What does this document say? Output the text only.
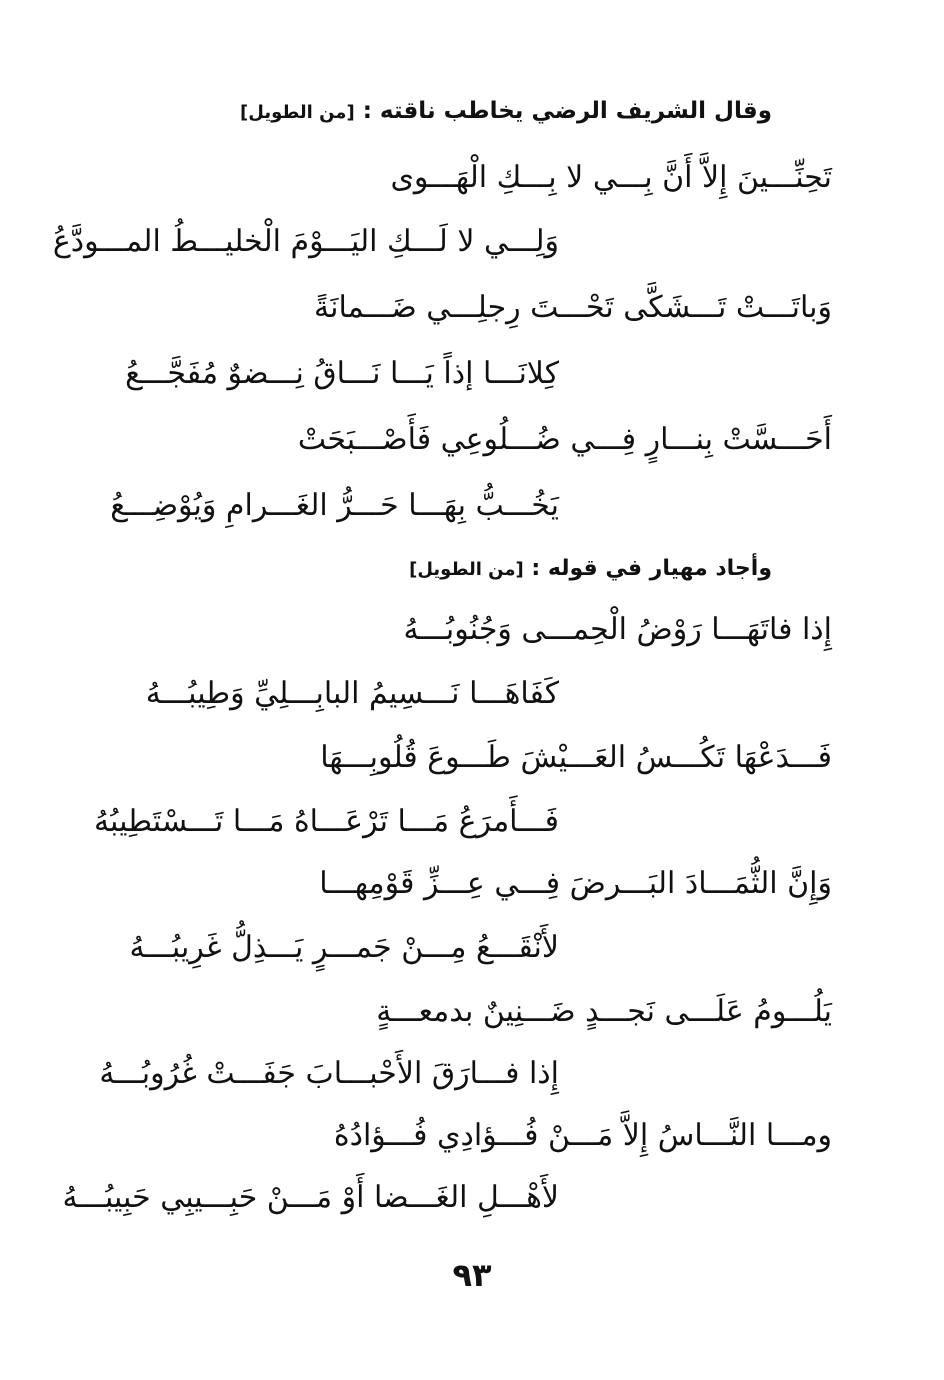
وقال الشريف الرضي يخاطب ناقته : [من الطويل]
تَحِنِّـــينَ إِلاَّ أَنَّ بِـــي لا بِـــكِ الْهَـــوى
وَلِـــي لا لَـــكِ اليَـــوْمَ الْخليـــطُ المـــودَّعُ
وَباتَـــتْ تَـــشَكَّى تَحْـــتَ رِجلِـــي ضَـــمانَةً
كِلانَـــا إذاً يَـــا نَـــاقُ نِـــضوٌ مُفَجَّـــعُ
أَحَـــسَّتْ بِنـــارٍ فِـــي ضُـــلُوعِي فَأَصْـــبَحَتْ
يَخُـــبُّ بِهَـــا حَـــرُّ الغَـــرامِ وَيُوْضِـــعُ
وأجاد مهيار في قوله : [من الطويل]
إِذا فاتَهَـــا رَوْضُ الْحِمـــى وَجُنُوبُـــهُ
كَفَاهَـــا نَـــسِيمُ البابِـــلِيِّ وَطِيبُـــهُ
فَـــدَعْهَا تَكُـــسُ العَـــيْشَ طَـــوعَ قُلُوبِـــهَا
فَـــأَمرَعُ مَـــا تَرْعَـــاهُ مَـــا تَـــسْتَطِيبُهُ
وَإِنَّ الثُّمَـــادَ البَـــرضَ فِـــي عِـــزِّ قَوْمِهـــا
لأَنْقَـــعُ مِـــنْ جَمـــرٍ يَـــذِلُّ غَرِيبُـــهُ
يَلُـــومُ عَلَـــى نَجـــدٍ ضَـــنِينٌ بدمعـــةٍ
إِذا فـــارَقَ الأَحْبـــابَ جَفَـــتْ غُرُوبُـــهُ
ومـــا النَّـــاسُ إِلاَّ مَـــنْ فُـــؤادِي فُـــؤادُهُ
لأَهْـــلِ الغَـــضا أَوْ مَـــنْ حَبِـــيبِي حَبِيبُـــهُ
٩٣
